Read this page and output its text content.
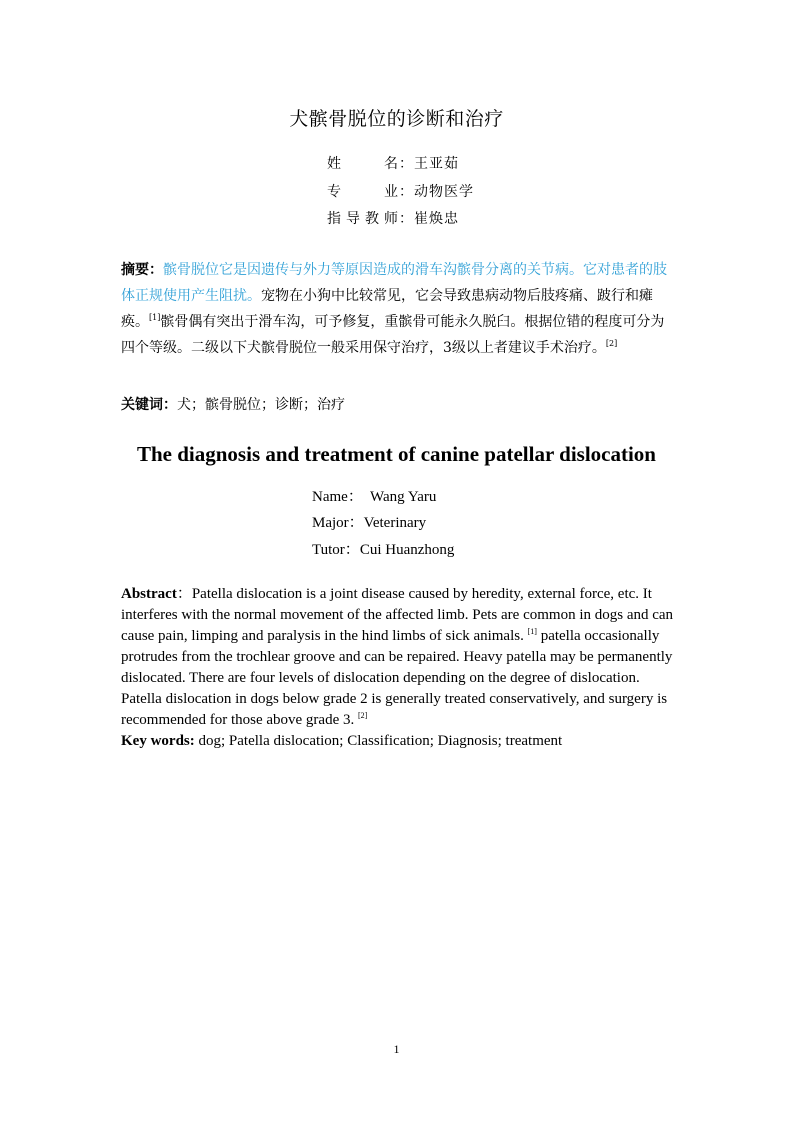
犬髌骨脱位的诊断和治疗
姓名：王亚茹
专业：动物医学
指导教师：崔焕忠
摘要：髌骨脱位它是因遗传与外力等原因造成的滑车沟髌骨分离的关节病。它对患者的肢体正规使用产生阻扰。宠物在小狗中比较常见，它会导致患病动物后肢疼痛、跛行和瘫痪。[1]髌骨偶有突出于滑车沟，可予修复，重髌骨可能永久脱臼。根据位错的程度可分为四个等级。二级以下犬髌骨脱位一般采用保守治疗，3级以上者建议手术治疗。[2]
关键词：犬；髌骨脱位；诊断；治疗
The diagnosis and treatment of canine patellar dislocation
Name：  Wang Yaru
Major：Veterinary
Tutor：Cui Huanzhong
Abstract：Patella dislocation is a joint disease caused by heredity, external force, etc. It interferes with the normal movement of the affected limb. Pets are common in dogs and can cause pain, limping and paralysis in the hind limbs of sick animals. [1] patella occasionally protrudes from the trochlear groove and can be repaired. Heavy patella may be permanently dislocated. There are four levels of dislocation depending on the degree of dislocation. Patella dislocation in dogs below grade 2 is generally treated conservatively, and surgery is recommended for those above grade 3. [2]
Key words: dog; Patella dislocation; Classification; Diagnosis; treatment
1
